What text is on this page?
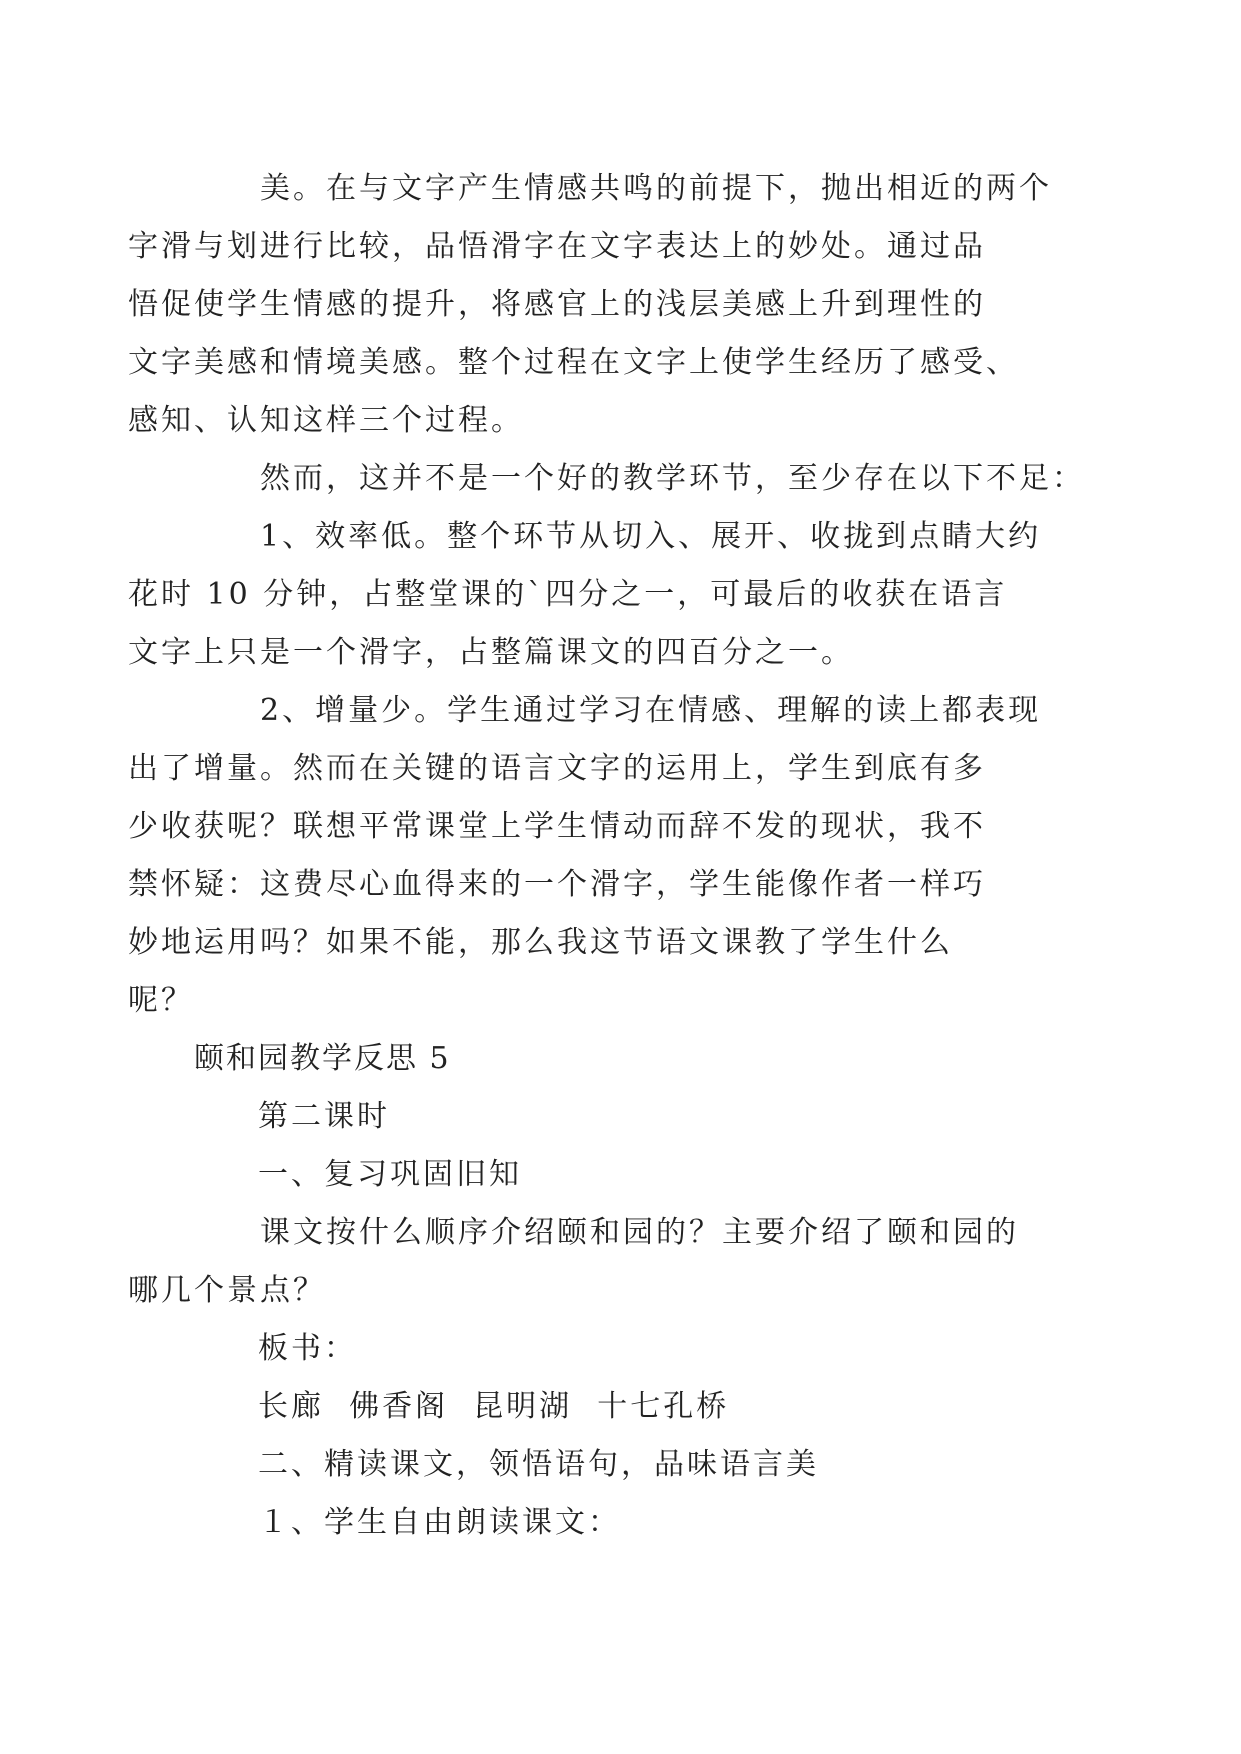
美。在与文字产生情感共鸣的前提下，抛出相近的两个
字滑与划进行比较，品悟滑字在文字表达上的妙处。通过品
悟促使学生情感的提升，将感官上的浅层美感上升到理性的
文字美感和情境美感。整个过程在文字上使学生经历了感受、
感知、认知这样三个过程。

然而，这并不是一个好的教学环节，至少存在以下不足：

1、效率低。整个环节从切入、展开、收拢到点睛大约
花时 10 分钟，占整堂课的`四分之一，可最后的收获在语言
文字上只是一个滑字，占整篇课文的四百分之一。

2、增量少。学生通过学习在情感、理解的读上都表现
出了增量。然而在关键的语言文字的运用上，学生到底有多
少收获呢？联想平常课堂上学生情动而辞不发的现状，我不
禁怀疑：这费尽心血得来的一个滑字，学生能像作者一样巧
妙地运用吗？如果不能，那么我这节语文课教了学生什么
呢？

颐和园教学反思 5

第二课时

一、复习巩固旧知

课文按什么顺序介绍颐和园的？主要介绍了颐和园的
哪几个景点？

板书：

长廊  佛香阁  昆明湖  十七孔桥

二、精读课文，领悟语句，品味语言美

１、学生自由朗读课文：
